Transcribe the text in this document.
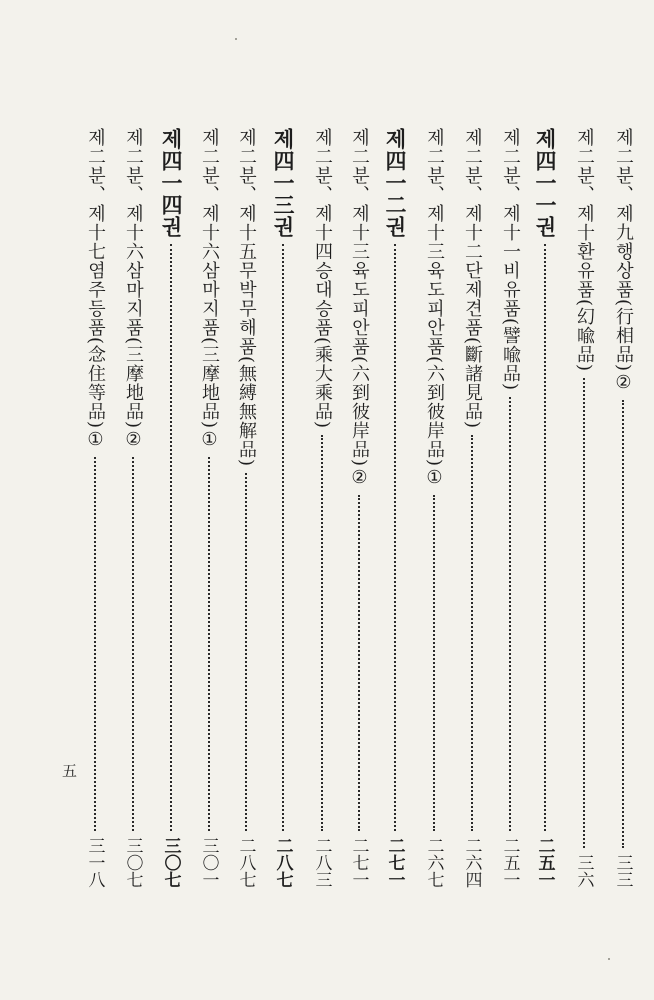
제二분、
제九
행상품(行相品)②
三三
제二분、
제十
환유품(幻喩品)
三六
제四一一권
二五一
제二분、
제十一
비유품(譬喩品)
二五一
제二분、
제十二
단제견품(斷諸見品)
二六四
제二분、
제十三
육도피안품(六到彼岸品)①
二六七
제四一二권
二七一
제二분、
제十三
육도피안품(六到彼岸品)②
二七一
제二분、
제十四
승대승품(乘大乘品)
二八三
제四一三권
二八七
제二분、
제十五
무박무해품(無縛無解品)
二八七
제二분、
제十六
삼마지품(三摩地品)①
三〇一
제四一四권
三〇七
제二분、
제十六
삼마지품(三摩地品)②
三〇七
제二분、
제十七
염주등품(念住等品)①
三一八
五
